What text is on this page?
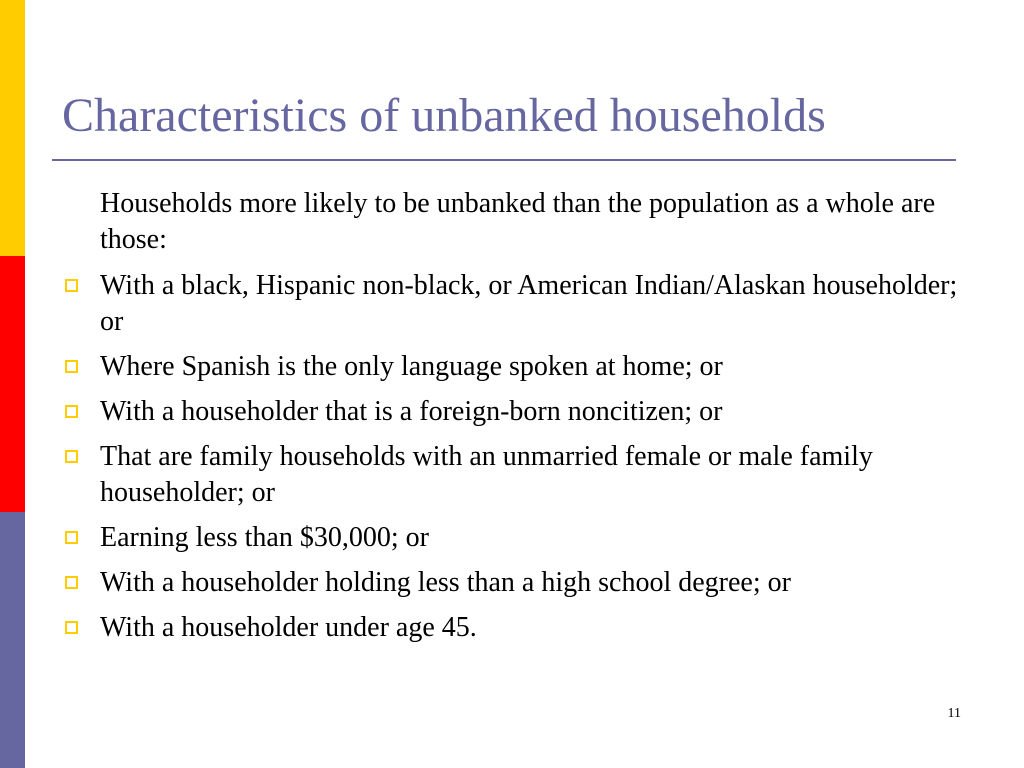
Characteristics of unbanked households

Households more likely to be unbanked than the population as a whole are those:

With a black, Hispanic non-black, or American Indian/Alaskan householder; or
Where Spanish is the only language spoken at home; or
With a householder that is a foreign-born noncitizen; or
That are family households with an unmarried female or male family householder; or
Earning less than $30,000; or
With a householder holding less than a high school degree; or
With a householder under age 45.
11
